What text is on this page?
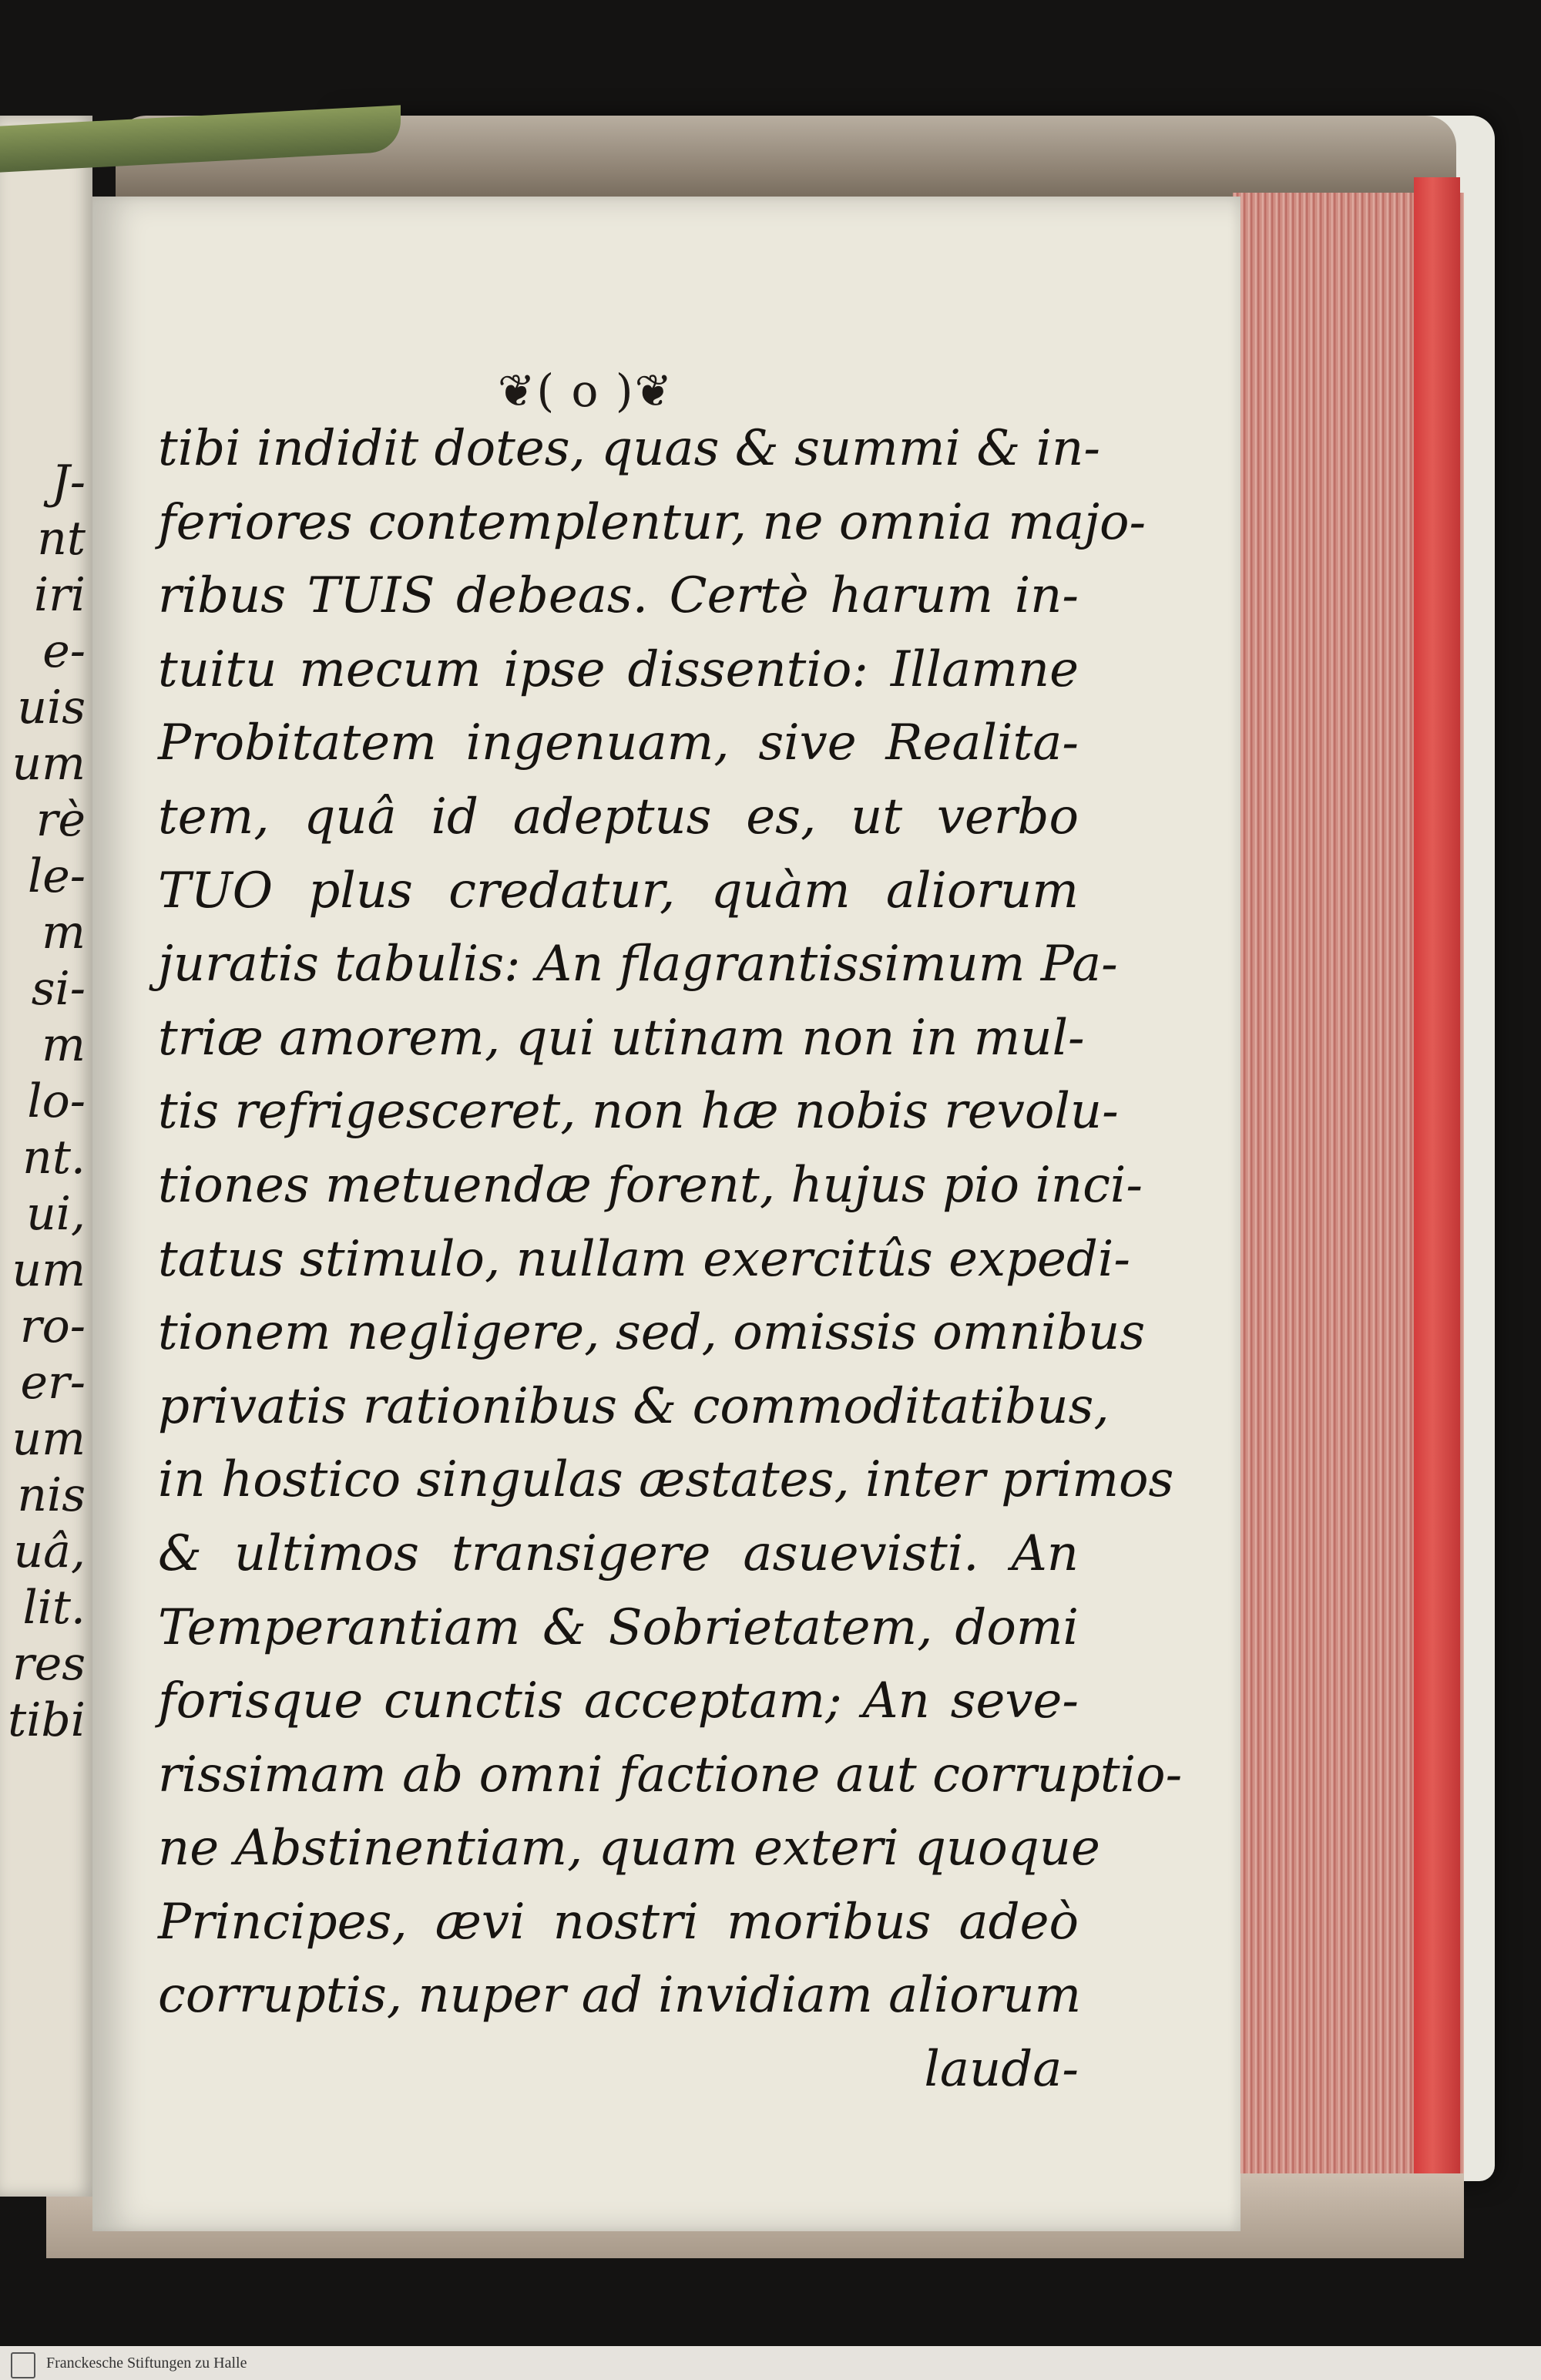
J-
nt
iri
e-
uis
um
rè
le-
m
si-
m
lo-
nt.
ui,
um
ro-
er-
um
nis
uâ,
lit.
res
tibi
❦( o )❦
tibi indidit dotes, quas & summi & in-
feriores contemplentur, ne omnia majo-
ribus TUIS debeas. Certè harum in-
tuitu mecum ipse dissentio: Illamne
Probitatem ingenuam, sive Realita-
tem, quâ id adeptus es, ut verbo
TUO plus credatur, quàm aliorum
juratis tabulis: An flagrantissimum Pa-
triæ amorem, qui utinam non in mul-
tis refrigesceret, non hæ nobis revolu-
tiones metuendæ forent, hujus pio inci-
tatus stimulo, nullam exercitûs expedi-
tionem negligere, sed, omissis omnibus
privatis rationibus & commoditatibus,
in hostico singulas æstates, inter primos
& ultimos transigere asuevisti. An
Temperantiam & Sobrietatem, domi
forisque cunctis acceptam; An seve-
rissimam ab omni factione aut corruptio-
ne Abstinentiam, quam exteri quoque
Principes, ævi nostri moribus adeò
corruptis, nuper ad invidiam aliorum
lauda-
Franckesche Stiftungen zu Halle
